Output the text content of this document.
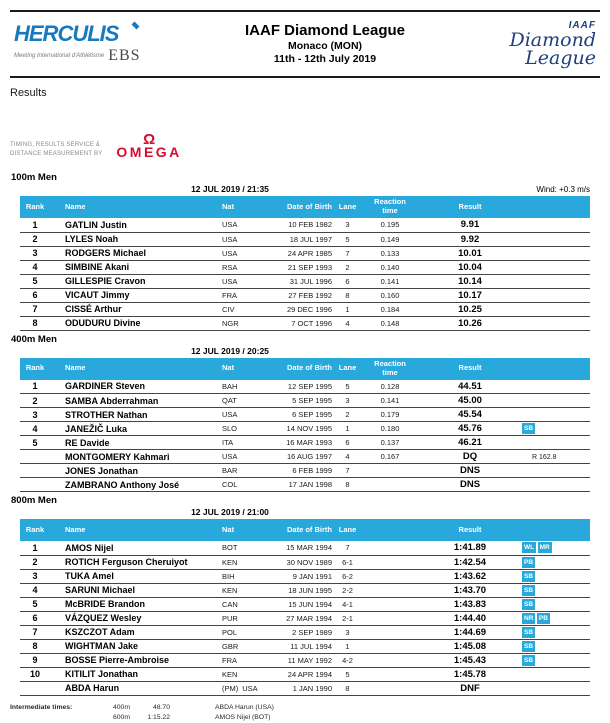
HERCULIS
Meeting International d'Athlétisme EBS
IAAF Diamond League
Monaco (MON)
11th - 12th July 2019
IAAF
Diamond
League
Results
TIMING, RESULTS SERVICE &
DISTANCE MEASUREMENT BY
Ω
OMEGA
100m Men
12 JUL 2019 / 21:35	Wind: +0.3 m/s
Rank	Name	Nat	Date of Birth	Lane	Reaction time	Result	
1	GATLIN Justin	USA	10 FEB 1982	3	0.195	9.91	
2	LYLES Noah	USA	18 JUL 1997	5	0.149	9.92	
3	RODGERS Michael	USA	24 APR 1985	7	0.133	10.01	
4	SIMBINE Akani	RSA	21 SEP 1993	2	0.140	10.04	
5	GILLESPIE Cravon	USA	31 JUL 1996	6	0.141	10.14	
6	VICAUT Jimmy	FRA	27 FEB 1992	8	0.160	10.17	
7	CISSÉ Arthur	CIV	29 DEC 1996	1	0.184	10.25	
8	ODUDURU Divine	NGR	7 OCT 1996	4	0.148	10.26	
400m Men
12 JUL 2019 / 20:25
Rank	Name	Nat	Date of Birth	Lane	Reaction time	Result	
1	GARDINER Steven	BAH	12 SEP 1995	5	0.128	44.51	
2	SAMBA Abderrahman	QAT	5 SEP 1995	3	0.141	45.00	
3	STROTHER Nathan	USA	6 SEP 1995	2	0.179	45.54	
4	JANEŽIČ Luka	SLO	14 NOV 1995	1	0.180	45.76	SB
5	RE Davide	ITA	16 MAR 1993	6	0.137	46.21	
	MONTGOMERY Kahmari	USA	16 AUG 1997	4	0.167	DQ	R 162.8
	JONES Jonathan	BAR	6 FEB 1999	7		DNS	
	ZAMBRANO Anthony José	COL	17 JAN 1998	8		DNS	
800m Men
12 JUL 2019 / 21:00
Rank	Name	Nat	Date of Birth	Lane		Result	
1	AMOS Nijel	BOT	15 MAR 1994	7		1:41.89	WL MR
2	ROTICH Ferguson Cheruiyot	KEN	30 NOV 1989	6-1		1:42.54	PB
3	TUKA Amel	BIH	9 JAN 1991	6-2		1:43.62	SB
4	SARUNI Michael	KEN	18 JUN 1995	2-2		1:43.70	SB
5	McBRIDE Brandon	CAN	15 JUN 1994	4-1		1:43.83	SB
6	VÁZQUEZ Wesley	PUR	27 MAR 1994	2-1		1:44.40	NR PB
7	KSZCZOT Adam	POL	2 SEP 1989	3		1:44.69	SB
8	WIGHTMAN Jake	GBR	11 JUL 1994	1		1:45.08	SB
9	BOSSE Pierre-Ambroise	FRA	11 MAY 1992	4-2		1:45.43	SB
10	KITILIT Jonathan	KEN	24 APR 1994	5		1:45.78	
	ABDA Harun	(PM) USA	1 JAN 1990	8		DNF	
Intermediate times:	400m	48.70	ABDA Harun (USA)
600m	1:15.22	AMOS Nijel (BOT)
